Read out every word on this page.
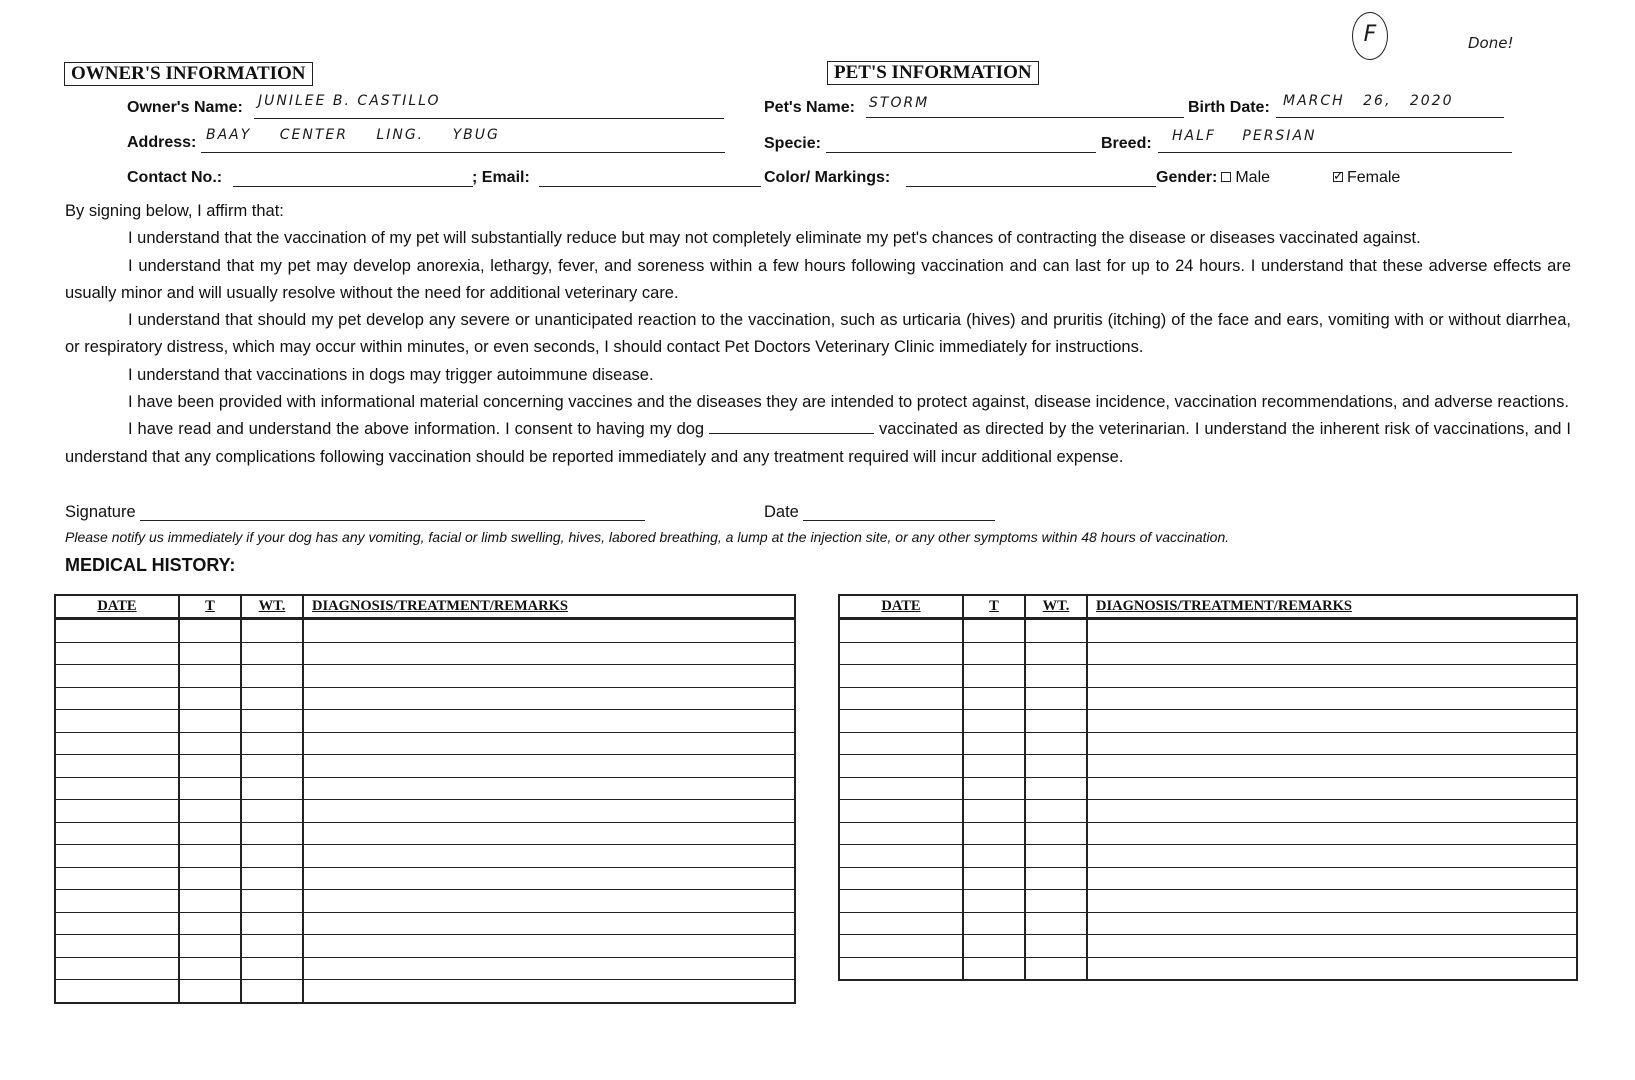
F	Done!
OWNER'S INFORMATION	PET'S INFORMATION
Owner's Name: JUNILEE B. CASTILLO
Address: BAAY CENTER LING. YBUG
Contact No.:	; Email:
Pet's Name: STORM	Birth Date: MARCH 26, 2020
Specie:	Breed: HALF PERSIAN
Color/ Markings:	Gender: Male	✓ Female

By signing below, I affirm that:

I understand that the vaccination of my pet will substantially reduce but may not completely eliminate my pet's chances of contracting the disease or diseases vaccinated against.

I understand that my pet may develop anorexia, lethargy, fever, and soreness within a few hours following vaccination and can last for up to 24 hours. I understand that these adverse effects are usually minor and will usually resolve without the need for additional veterinary care.

I understand that should my pet develop any severe or unanticipated reaction to the vaccination, such as urticaria (hives) and pruritis (itching) of the face and ears, vomiting with or without diarrhea, or respiratory distress, which may occur within minutes, or even seconds, I should contact Pet Doctors Veterinary Clinic immediately for instructions.

I understand that vaccinations in dogs may trigger autoimmune disease.

I have been provided with informational material concerning vaccines and the diseases they are intended to protect against, disease incidence, vaccination recommendations, and adverse reactions.

I have read and understand the above information. I consent to having my dog	vaccinated as directed by the veterinarian. I understand the inherent risk of vaccinations, and I understand that any complications following vaccination should be reported immediately and any treatment required will incur additional expense.

Signature	Date
Please notify us immediately if your dog has any vomiting, facial or limb swelling, hives, labored breathing, a lump at the injection site, or any other symptoms within 48 hours of vaccination.
MEDICAL HISTORY:
DATE	T	WT.	DIAGNOSIS/TREATMENT/REMARKS

				DATE	T	WT.	DIAGNOSIS/TREATMENT/REMARKS
